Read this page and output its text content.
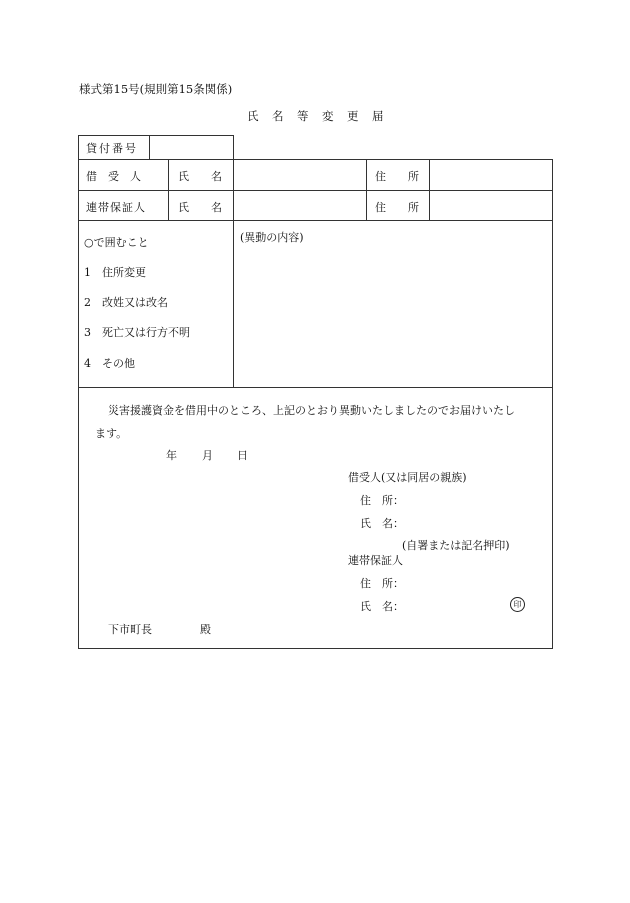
様式第15号(規則第15条関係)
氏　名　等　変　更　届
貸付番号
借　受　人	氏　　名	住　　所
連帯保証人	氏　　名	住　　所
○で囲むこと
1　住所変更
2　改姓又は改名
3　死亡又は行方不明
4　その他
(異動の内容)
災害援護資金を借用中のところ、上記のとおり異動いたしましたのでお届けいたし
ます。
年 月 日
借受人(又は同居の親族)
住　所：
氏　名：
(自署または記名押印)
連帯保証人
住　所：
氏　名：	印
下市町長	殿
